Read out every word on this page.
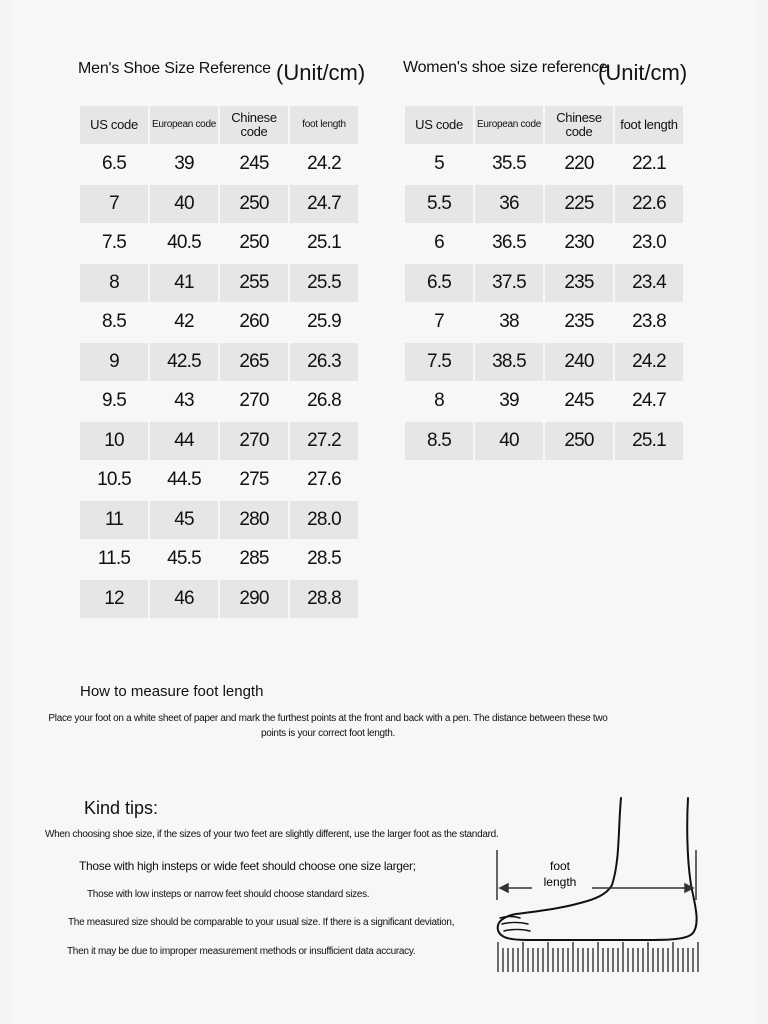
Men's Shoe Size Reference (Unit/cm) Women's shoe size reference
(Unit/cm)
US code	European code	Chinese code	foot length
6.5	39	245	24.2
7	40	250	24.7
7.5	40.5	250	25.1
8	41	255	25.5
8.5	42	260	25.9
9	42.5	265	26.3
9.5	43	270	26.8
10	44	270	27.2
10.5	44.5	275	27.6
11	45	280	28.0
11.5	45.5	285	28.5
12	46	290	28.8
US code	European code	Chinese code	foot length
5	35.5	220	22.1
5.5	36	225	22.6
6	36.5	230	23.0
6.5	37.5	235	23.4
7	38	235	23.8
7.5	38.5	240	24.2
8	39	245	24.7
8.5	40	250	25.1
How to measure foot length
Place your foot on a white sheet of paper and mark the furthest points at the front and back with a pen. The distance between these two points is your correct foot length.
Kind tips:
When choosing shoe size, if the sizes of your two feet are slightly different, use the larger foot as the standard.
Those with high insteps or wide feet should choose one size larger;
Those with low insteps or narrow feet should choose standard sizes.
The measured size should be comparable to your usual size. If there is a significant deviation,
Then it may be due to improper measurement methods or insufficient data accuracy.
foot
length
